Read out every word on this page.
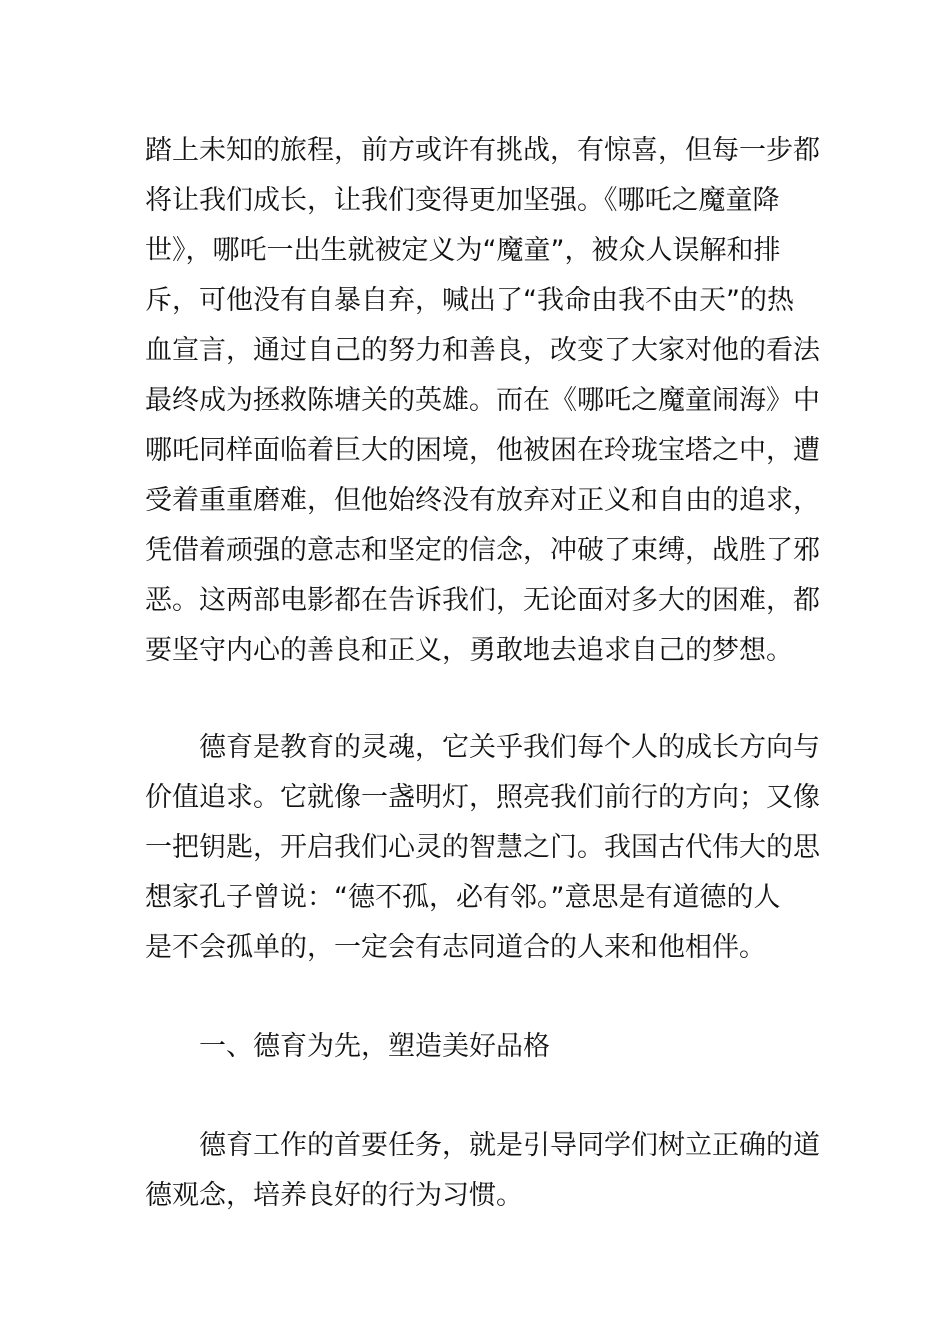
踏上未知的旅程，前方或许有挑战，有惊喜，但每一步都
将让我们成长，让我们变得更加坚强。《哪吒之魔童降
世》，哪吒一出生就被定义为“魔童”，被众人误解和排
斥，可他没有自暴自弃，喊出了“我命由我不由天”的热
血宣言，通过自己的努力和善良，改变了大家对他的看法
最终成为拯救陈塘关的英雄。而在《哪吒之魔童闹海》中
哪吒同样面临着巨大的困境，他被困在玲珑宝塔之中，遭
受着重重磨难，但他始终没有放弃对正义和自由的追求，
凭借着顽强的意志和坚定的信念，冲破了束缚，战胜了邪
恶。这两部电影都在告诉我们，无论面对多大的困难，都
要坚守内心的善良和正义，勇敢地去追求自己的梦想。
　　德育是教育的灵魂，它关乎我们每个人的成长方向与
价值追求。它就像一盏明灯，照亮我们前行的方向；又像
一把钥匙，开启我们心灵的智慧之门。我国古代伟大的思
想家孔子曾说：“德不孤，必有邻。”意思是有道德的人
是不会孤单的，一定会有志同道合的人来和他相伴。
　　一、德育为先，塑造美好品格
　　德育工作的首要任务，就是引导同学们树立正确的道
德观念，培养良好的行为习惯。
